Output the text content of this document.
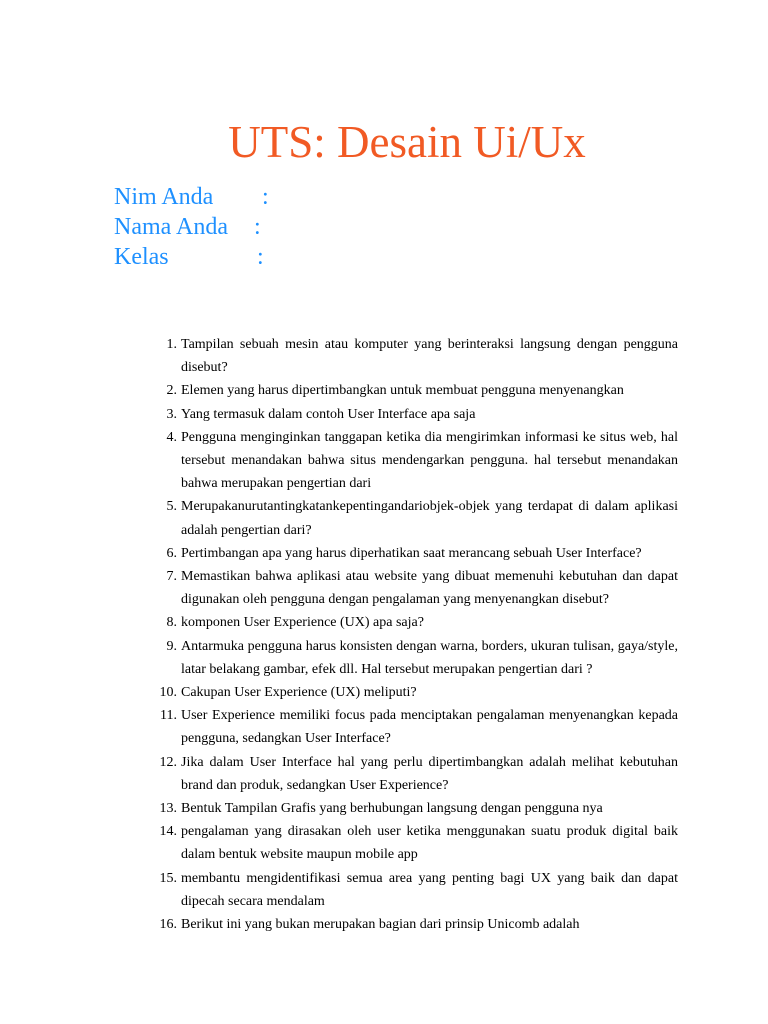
UTS: Desain Ui/Ux
Nim Anda :
Nama Anda :
Kelas	:
1. Tampilan sebuah mesin atau komputer yang berinteraksi langsung dengan pengguna disebut?
2. Elemen yang harus dipertimbangkan untuk membuat pengguna menyenangkan
3. Yang termasuk dalam contoh User Interface apa saja
4. Pengguna menginginkan tanggapan ketika dia mengirimkan informasi ke situs web, hal tersebut menandakan bahwa situs mendengarkan pengguna. hal tersebut menandakan bahwa merupakan pengertian dari
5. Merupakanurutantingkatankepentingandariobjek-objek yang terdapat di dalam aplikasi adalah pengertian dari?
6. Pertimbangan apa yang harus diperhatikan saat merancang sebuah User Interface?
7. Memastikan bahwa aplikasi atau website yang dibuat memenuhi kebutuhan dan dapat digunakan oleh pengguna dengan pengalaman yang menyenangkan disebut?
8. komponen User Experience (UX) apa saja?
9. Antarmuka pengguna harus konsisten dengan warna, borders, ukuran tulisan, gaya/style, latar belakang gambar, efek dll. Hal tersebut merupakan pengertian dari ?
10. Cakupan User Experience (UX) meliputi?
11. User Experience memiliki focus pada menciptakan pengalaman menyenangkan kepada pengguna, sedangkan User Interface?
12. Jika dalam User Interface hal yang perlu dipertimbangkan adalah melihat kebutuhan brand dan produk, sedangkan User Experience?
13. Bentuk Tampilan Grafis yang berhubungan langsung dengan pengguna nya
14. pengalaman yang dirasakan oleh user ketika menggunakan suatu produk digital baik dalam bentuk website maupun mobile app
15. membantu mengidentifikasi semua area yang penting bagi UX yang baik dan dapat dipecah secara mendalam
16. Berikut ini yang bukan merupakan bagian dari prinsip Unicomb adalah
